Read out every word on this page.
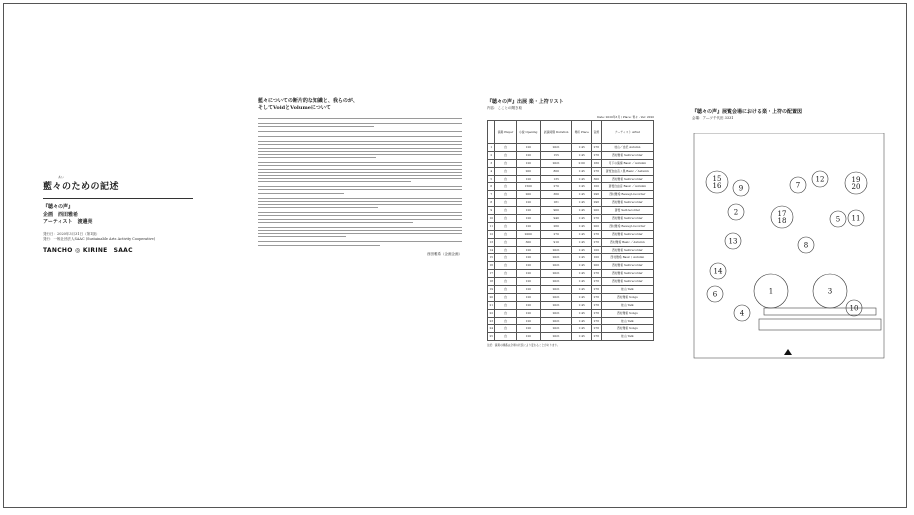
あい
藍々のための記述
『聴々の声』
企画　西田雅希
アーティスト　渡邊亮
発行日：2020年3月31日（第1版）
発行：一般社団法人SAAC (Sustainable Arts Activity Cooperative)
TANCHO ◎ KIRINE SAAC
藍々についての断片的な知識と、我らのが、
そしてVoidとVolumeについて
西田雅希（企画企画）
『聴々の声』出展 楽・上符リスト
内容：こことの聞き取
Date: 2020年3月 / Place: 青々 - Ver. 2020
	演奏 Player	小説 Opening	試演時間 Duration	場所 Place	音源	アーティスト Artist
1	自	120	2021	1:45	276	桂山／自記 Autumn
2	自	120	155	1:45	276	西村雅希 Self-recorder
3	自	120	2021	2:00	160	月下の演奏 Basic ／Autumn
4	自	200	800	1:45	276	蒼桜自由音 / 黒 Basic ／Autumn
5	自	120	135	1:45	300	西村雅希 Self-recorder
6	自	1500	270	1:45	100	蒼桜自由音 Basic ／Autumn
7	自	200	360	1:45	296	西村雅希 Bewegt-recorder
8	自	120	181	1:45	296	西村雅希 Self-recorder
9	自	120	900	1:45	200	蒼桜 Self-recorder
10	自	120	940	1:45	276	西村雅希 Self-recorder
11	自	120	260	1:45	200	西村雅希 Bewegt-recorder
12	自	2000	270	1:45	276	西村雅希 Self-recorder
13	自	300	910	1:45	276	西村雅希 Basic ／Autumn
14	自	120	2021	1:45	100	西村雅希 Self-recorder
15	自	120	2021	1:45	100	西村雅希 Basic / Autumn
16	自	120	2021	1:45	200	西村雅希 Self-recorder
17	自	120	2021	1:45	276	西村雅希 Self-recorder
18	自	120	2021	1:45	276	西村雅希 Self-recorder
19	自	120	2021	1:45	276	桂山 Talk
20	自	120	2021	1:45	276	西村雅希 Songs
21	自	120	2021	1:45	276	桂山 Talk
22	自	120	2021	1:45	276	西村雅希 Songs
23	自	120	2021	1:45	276	桂山 Talk
24	自	120	2021	1:45	276	西村雅希 Songs
25	自	120	2021	1:45	276	桂山 Talk
注記：演奏の順番は会場の状況により変わることがあります。
『聴々の声』展覧会場における楽・上符の配置図
会場：ア―ツ千代田 3331
15
16 9	7
12	19
20
2	17
18	5
13	8
11
14
6	1	3
4
10
